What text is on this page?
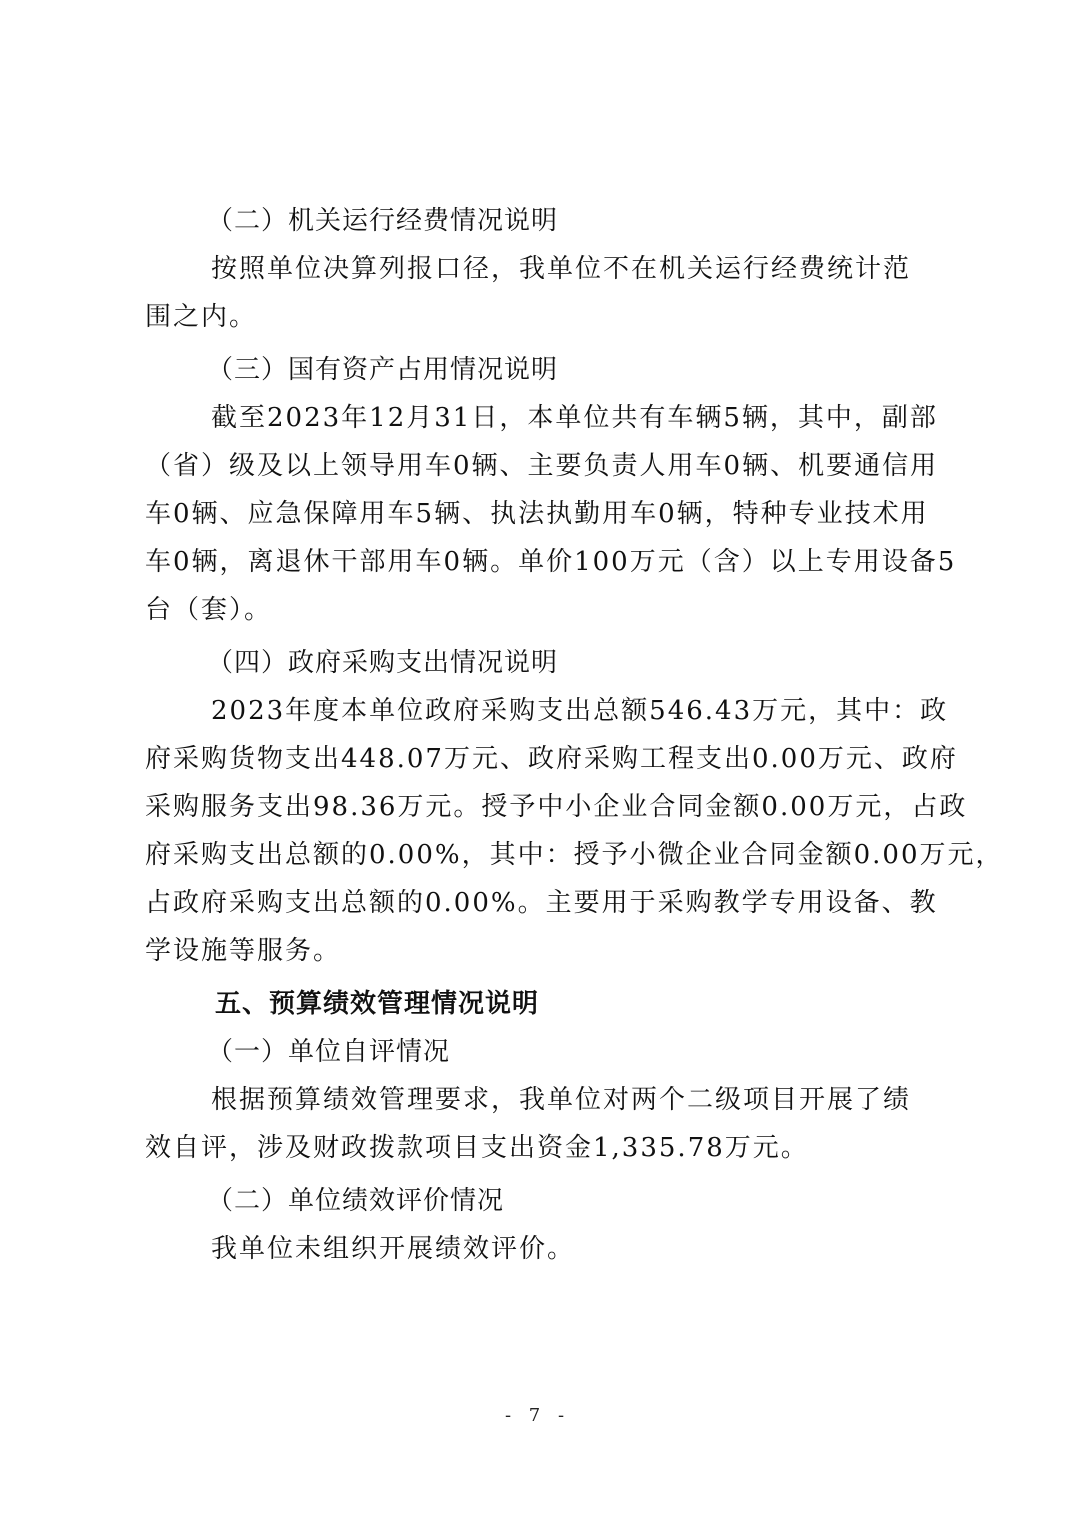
（二）机关运行经费情况说明

按照单位决算列报口径，我单位不在机关运行经费统计范

围之内。

（三）国有资产占用情况说明

截至2023年12月31日，本单位共有车辆5辆，其中，副部

（省）级及以上领导用车0辆、主要负责人用车0辆、机要通信用

车0辆、应急保障用车5辆、执法执勤用车0辆，特种专业技术用

车0辆，离退休干部用车0辆。单价100万元（含）以上专用设备5

台（套）。

（四）政府采购支出情况说明

2023年度本单位政府采购支出总额546.43万元，其中：政

府采购货物支出448.07万元、政府采购工程支出0.00万元、政府

采购服务支出98.36万元。授予中小企业合同金额0.00万元，占政

府采购支出总额的0.00%，其中：授予小微企业合同金额0.00万元，

占政府采购支出总额的0.00%。主要用于采购教学专用设备、教

学设施等服务。

五、预算绩效管理情况说明

（一）单位自评情况

根据预算绩效管理要求，我单位对两个二级项目开展了绩

效自评，涉及财政拨款项目支出资金1,335.78万元。

（二）单位绩效评价情况

我单位未组织开展绩效评价。

- 7 -
